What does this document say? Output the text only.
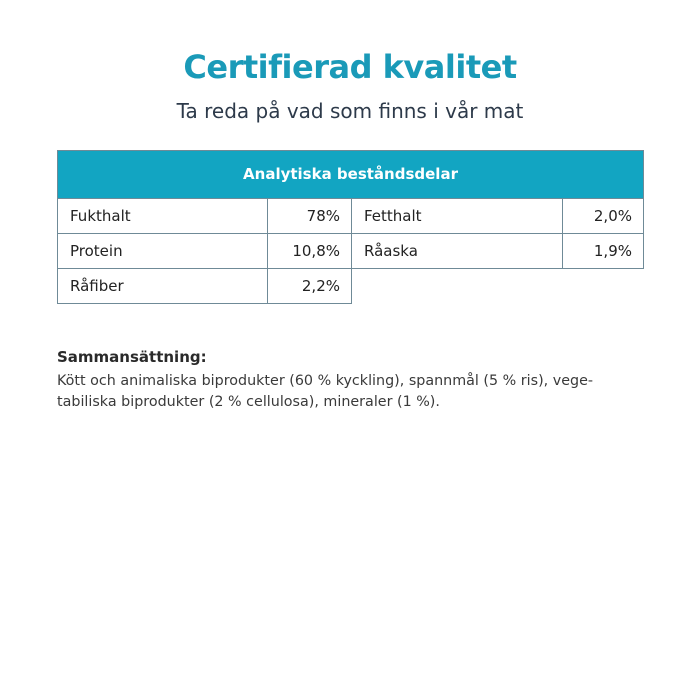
Certifierad kvalitet
Ta reda på vad som finns i vår mat
Analytiska beståndsdelar
Fukthalt	78%	Fetthalt	2,0%
Protein	10,8%	Råaska	1,9%
Råfiber	2,2%
Sammansättning:
Kött och animaliska biprodukter (60 % kyckling), spannmål (5 % ris), vege-
tabiliska biprodukter (2 % cellulosa), mineraler (1 %).
